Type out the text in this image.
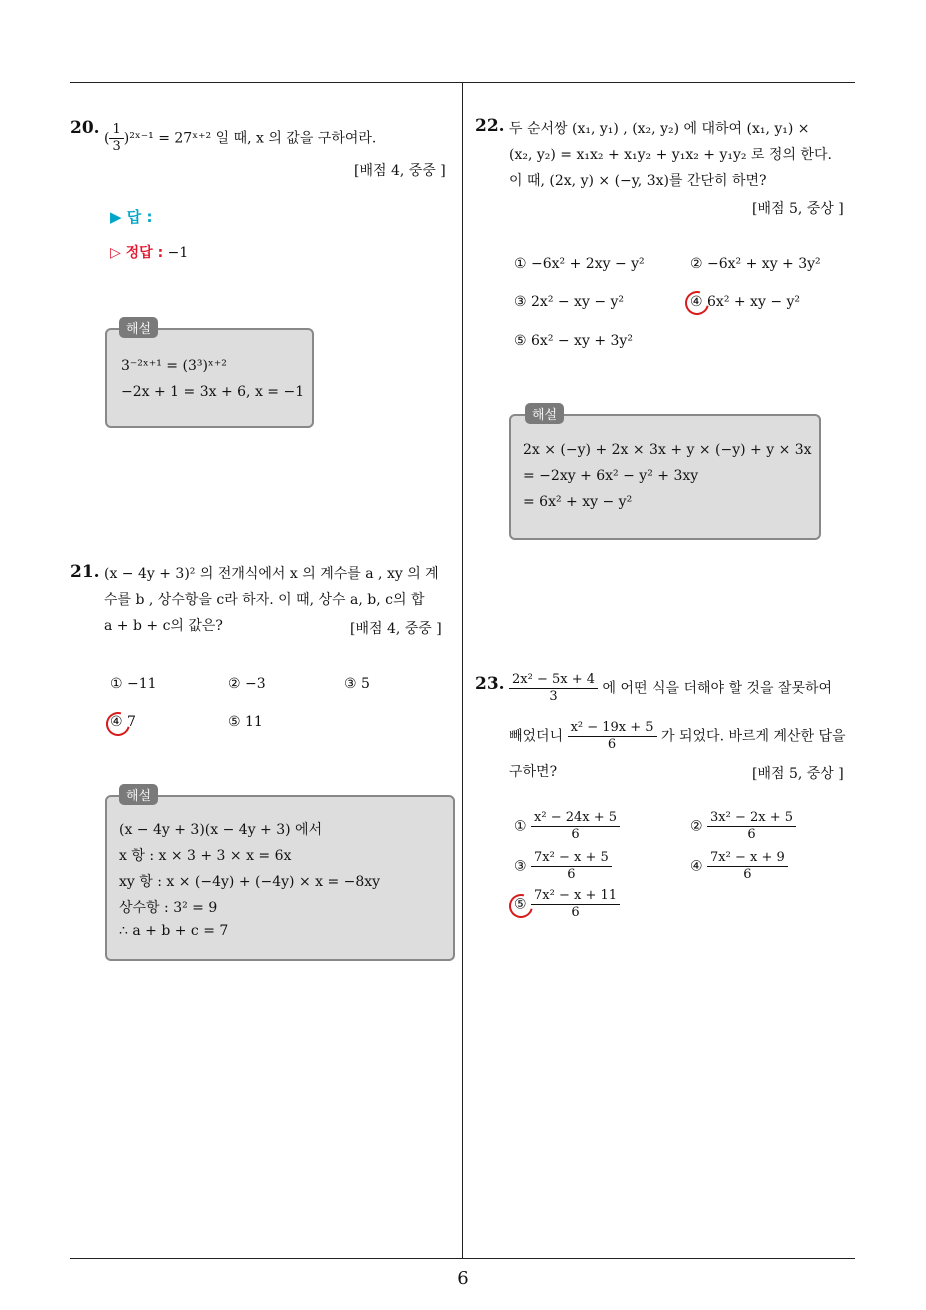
20.
( $\frac{1}{3}$ )²ˣ⁻¹ = 27ˣ⁺² 일 때, x 의 값을 구하여라.
[배점 4, 중중 ]
▶ 답 :
▷ 정답 : −1
해설
3⁻²ˣ⁺¹ = (3³)ˣ⁺²
−2x + 1 = 3x + 6, x = −1
21. (x − 4y + 3)² 의 전개식에서 x 의 계수를 a , xy 의 계
수를 b , 상수항을 c라 하자. 이 때, 상수 a, b, c의 합
a + b + c의 값은?	[배점 4, 중중 ]
① −11	② −3	③ 5
④ 7	⑤ 11
해설
(x − 4y + 3)(x − 4y + 3) 에서
x 항 : x × 3 + 3 × x = 6x
xy 항 : x × (−4y) + (−4y) × x = −8xy
상수항 : 3² = 9
∴ a + b + c = 7
22. 두 순서쌍 (x₁, y₁) , (x₂, y₂) 에 대하여 (x₁, y₁) ×
(x₂, y₂) = x₁x₂ + x₁y₂ + y₁x₂ + y₁y₂ 로 정의 한다.
이 때, (2x, y) × (−y, 3x)를 간단히 하면?
[배점 5, 중상 ]
① −6x² + 2xy − y²	② −6x² + xy + 3y²
③ 2x² − xy − y²	④ 6x² + xy − y²
⑤ 6x² − xy + 3y²
해설
2x × (−y) + 2x × 3x + y × (−y) + y × 3x
= −2xy + 6x² − y² + 3xy
= 6x² + xy − y²
23. $\frac{\text{2x² − 5x + 4}}{3}$ 에 어떤 식을 더해야 할 것을 잘못하여
빼었더니 $\frac{\text{x² − 19x + 5}}{6}$ 가 되었다. 바르게 계산한 답을
구하면?	[배점 5, 중상 ]
① $\frac{\text{x² − 24x + 5}}{6}$	② $\frac{\text{3x² − 2x + 5}}{6}$
③ $\frac{\text{7x² − x + 5}}{6}$	④ $\frac{\text{7x² − x + 9}}{6}$
⑤ $\frac{\text{7x² − x + 11}}{6}$
6
